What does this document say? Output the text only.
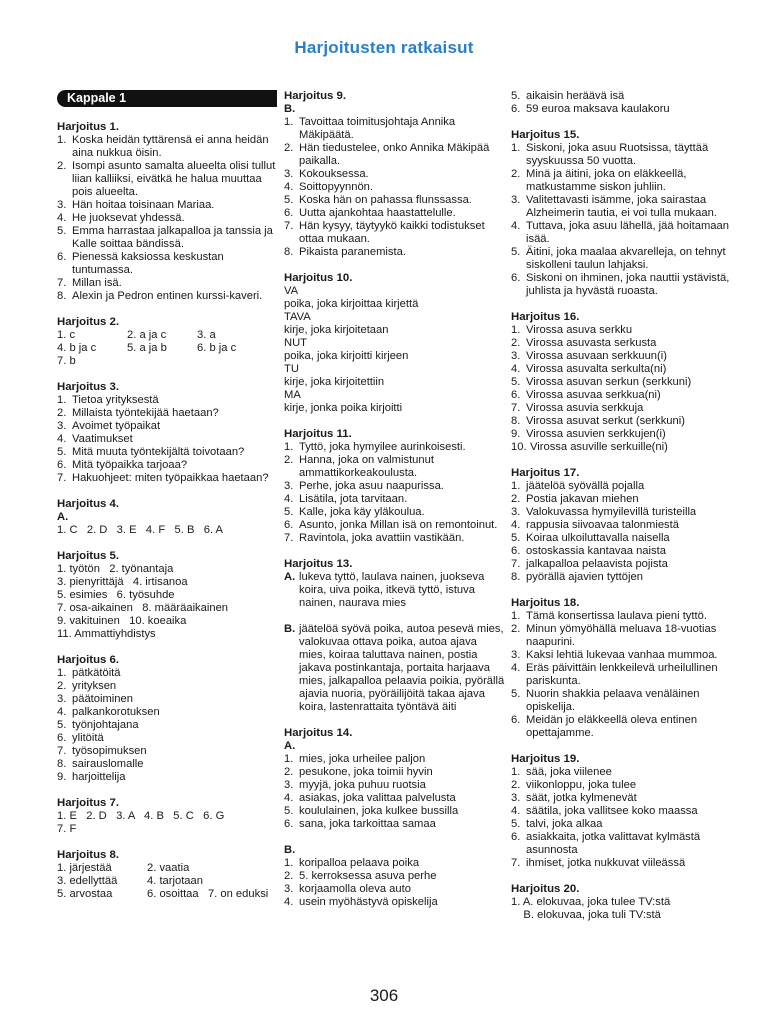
Harjoitusten ratkaisut
Kappale 1
Harjoitus 1.
1. Koska heidän tyttärensä ei anna heidän aina nukkua öisin.
2. Isompi asunto samalta alueelta olisi tullut liian kalliiksi, eivätkä he halua muuttaa pois alueelta.
3. Hän hoitaa toisinaan Mariaa.
4. He juoksevat yhdessä.
5. Emma harrastaa jalkapalloa ja tanssia ja Kalle soittaa bändissä.
6. Pienessä kaksiossa keskustan tuntumassa.
7. Millan isä.
8. Alexin ja Pedron entinen kurssi-kaveri.
Harjoitus 2.
1. c	2. a ja c	3. a
4. b ja c	5. a ja b	6. b ja c
7. b
Harjoitus 3.
1. Tietoa yrityksestä
2. Millaista työntekijää haetaan?
3. Avoimet työpaikat
4. Vaatimukset
5. Mitä muuta työntekijältä toivotaan?
6. Mitä työpaikka tarjoaa?
7. Hakuohjeet: miten työpaikkaa haetaan?
Harjoitus 4.
A.
1. C   2. D   3. E   4. F   5. B   6. A
Harjoitus 5.
1. työtön   2. työnantaja
3. pienyrittäjä   4. irtisanoa
5. esimies   6. työsuhde
7. osa-aikainen   8. määräaikainen
9. vakituinen   10. koeaika
11. Ammattiyhdistys
Harjoitus 6.
1. pätkätöitä
2. yrityksen
3. päätoiminen
4. palkankorotuksen
5. työnjohtajana
6. ylitöitä
7. työsopimuksen
8. sairauslomalle
9. harjoittelija
Harjoitus 7.
1. E   2. D   3. A   4. B   5. C   6. G
7. F
Harjoitus 8.
1. järjestää	2. vaatia
3. edellyttää	4. tarjotaan
5. arvostaa	6. osoittaa   7. on eduksi
Harjoitus 9.
B.
1. Tavoittaa toimitusjohtaja Annika Mäkipäätä.
2. Hän tiedustelee, onko Annika Mäkipää paikalla.
3. Kokouksessa.
4. Soittopyynnön.
5. Koska hän on pahassa flunssassa.
6. Uutta ajankohtaa haastattelulle.
7. Hän kysyy, täytyykö kaikki todistukset ottaa mukaan.
8. Pikaista paranemista.
Harjoitus 10.
VA
poika, joka kirjoittaa kirjettä
TAVA
kirje, joka kirjoitetaan
NUT
poika, joka kirjoitti kirjeen
TU
kirje, joka kirjoitettiin
MA
kirje, jonka poika kirjoitti
Harjoitus 11.
1. Tyttö, joka hymyilee aurinkoisesti.
2. Hanna, joka on valmistunut ammattikorkeakoulusta.
3. Perhe, joka asuu naapurissa.
4. Lisätila, jota tarvitaan.
5. Kalle, joka käy yläkoulua.
6. Asunto, jonka Millan isä on remontoinut.
7. Ravintola, joka avattiin vastikään.
Harjoitus 13.
A. lukeva tyttö, laulava nainen, juokseva koira, uiva poika, itkevä tyttö, istuva nainen, naurava mies
B. jäätelöä syövä poika, autoa pesevä mies, valokuvaa ottava poika, autoa ajava mies, koiraa taluttava nainen, postia jakava postinkantaja, portaita harjaava mies, jalkapalloa pelaavia poikia, pyörällä ajavia nuoria, pyöräilijöitä takaa ajava koira, lastenrattaita työntävä äiti
Harjoitus 14.
A.
1. mies, joka urheilee paljon
2. pesukone, joka toimii hyvin
3. myyjä, joka puhuu ruotsia
4. asiakas, joka valittaa palvelusta
5. koululainen, joka kulkee bussilla
6. sana, joka tarkoittaa samaa
B.
1. koripalloa pelaava poika
2. 5. kerroksessa asuva perhe
3. korjaamolla oleva auto
4. usein myöhästyvä opiskelija
5. aikaisin heräävä isä
6. 59 euroa maksava kaulakoru
Harjoitus 15.
1. Siskoni, joka asuu Ruotsissa, täyttää syyskuussa 50 vuotta.
2. Minä ja äitini, joka on eläkkeellä, matkustamme siskon juhliin.
3. Valitettavasti isämme, joka sairastaa Alzheimerin tautia, ei voi tulla mukaan.
4. Tuttava, joka asuu lähellä, jää hoitamaan isää.
5. Äitini, joka maalaa akvarelleja, on tehnyt siskolleni taulun lahjaksi.
6. Siskoni on ihminen, joka nauttii ystävistä, juhlista ja hyvästä ruoasta.
Harjoitus 16.
1. Virossa asuva serkku
2. Virossa asuvasta serkusta
3. Virossa asuvaan serkkuun(i)
4. Virossa asuvalta serkulta(ni)
5. Virossa asuvan serkun (serkkuni)
6. Virossa asuvaa serkkua(ni)
7. Virossa asuvia serkkuja
8. Virossa asuvat serkut (serkkuni)
9. Virossa asuvien serkkujen(i)
10. Virossa asuville serkuille(ni)
Harjoitus 17.
1. jäätelöä syövällä pojalla
2. Postia jakavan miehen
3. Valokuvassa hymyilevillä turisteilla
4. rappusia siivoavaa talonmiestä
5. Koiraa ulkoiluttavalla naisella
6. ostoskassia kantavaa naista
7. jalkapalloa pelaavista pojista
8. pyörällä ajavien tyttöjen
Harjoitus 18.
1. Tämä konsertissa laulava pieni tyttö.
2. Minun yömyöhällä meluava 18-vuotias naapurini.
3. Kaksi lehtiä lukevaa vanhaa mummoa.
4. Eräs päivittäin lenkkeilevä urheilullinen pariskunta.
5. Nuorin shakkia pelaava venäläinen opiskelija.
6. Meidän jo eläkkeellä oleva entinen opettajamme.
Harjoitus 19.
1. sää, joka viilenee
2. viikonloppu, joka tulee
3. säät, jotka kylmenevät
4. säätila, joka vallitsee koko maassa
5. talvi, joka alkaa
6. asiakkaita, jotka valittavat kylmästä asunnosta
7. ihmiset, jotka nukkuvat viileässä
Harjoitus 20.
1. A. elokuvaa, joka tulee TV:stä
B. elokuvaa, joka tuli TV:stä
306
